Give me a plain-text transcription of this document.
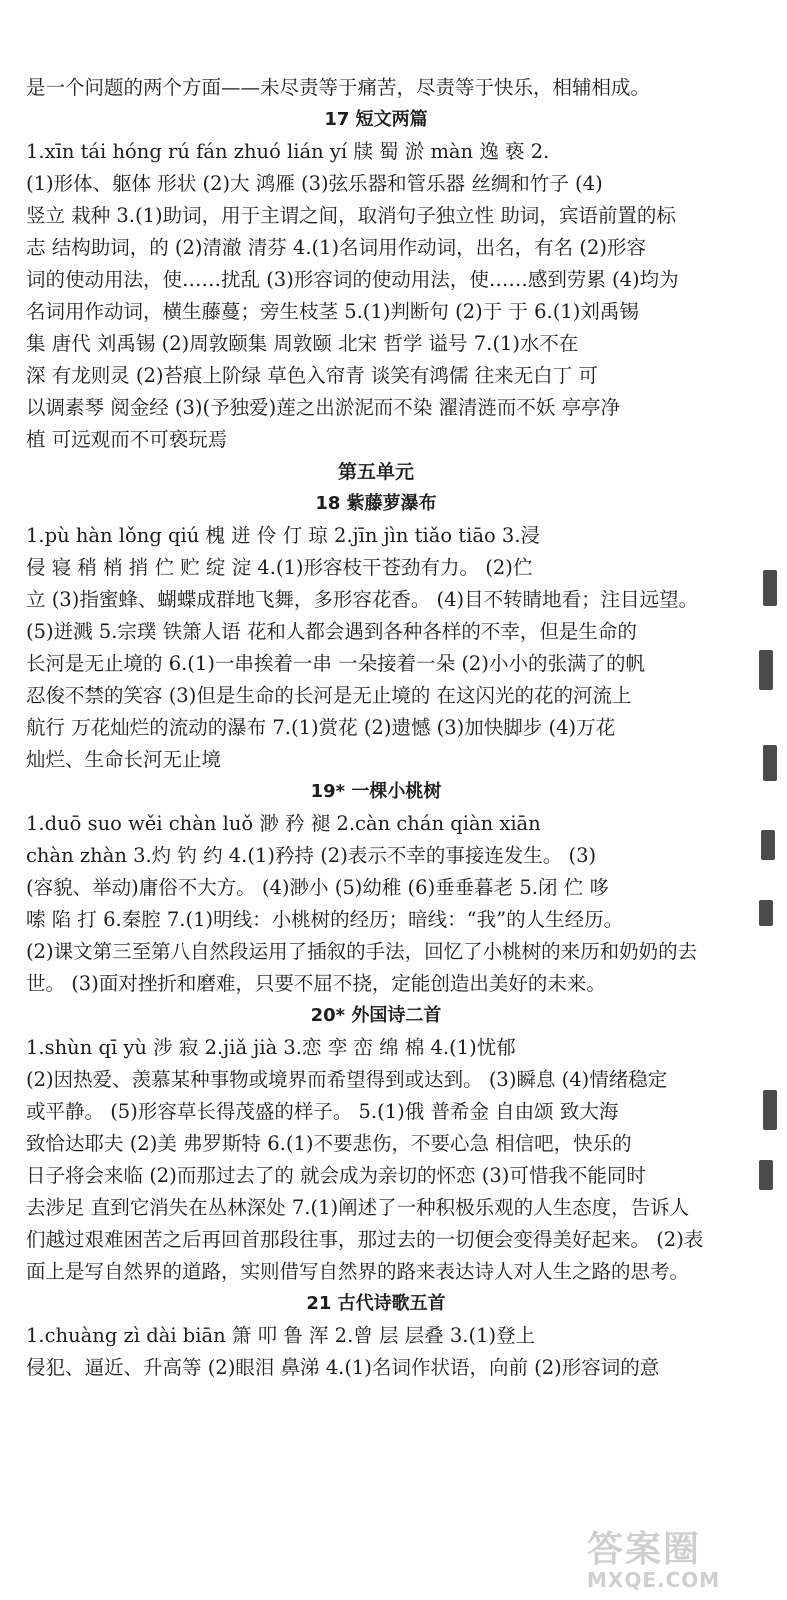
是一个问题的两个方面——未尽责等于痛苦，尽责等于快乐，相辅相成。
17 短文两篇
1.xīn tái hóng rú fán zhuó lián yí 牍 蜀 淤 màn 逸 亵 2.
(1)形体、躯体 形状 (2)大 鸿雁 (3)弦乐器和管乐器 丝绸和竹子 (4)
竖立 栽种 3.(1)助词，用于主谓之间，取消句子独立性 助词，宾语前置的标
志 结构助词，的 (2)清澈 清芬 4.(1)名词用作动词，出名，有名 (2)形容
词的使动用法，使……扰乱 (3)形容词的使动用法，使……感到劳累 (4)均为
名词用作动词，横生藤蔓；旁生枝茎 5.(1)判断句 (2)于 于 6.(1)刘禹锡
集 唐代 刘禹锡 (2)周敦颐集 周敦颐 北宋 哲学 谥号 7.(1)水不在
深 有龙则灵 (2)苔痕上阶绿 草色入帘青 谈笑有鸿儒 往来无白丁 可
以调素琴 阅金经 (3)(予独爱)莲之出淤泥而不染 濯清涟而不妖 亭亭净
植 可远观而不可亵玩焉
第五单元
18 紫藤萝瀑布
1.pù hàn lǒng qiú 槐 迸 伶 仃 琼 2.jīn jìn tiǎo tiāo 3.浸
侵 寝 稍 梢 捎 伫 贮 绽 淀 4.(1)形容枝干苍劲有力。 (2)伫
立 (3)指蜜蜂、蝴蝶成群地飞舞，多形容花香。 (4)目不转睛地看；注目远望。
(5)迸溅 5.宗璞 铁箫人语 花和人都会遇到各种各样的不幸，但是生命的
长河是无止境的 6.(1)一串挨着一串 一朵接着一朵 (2)小小的张满了的帆
忍俊不禁的笑容 (3)但是生命的长河是无止境的 在这闪光的花的河流上
航行 万花灿烂的流动的瀑布 7.(1)赏花 (2)遗憾 (3)加快脚步 (4)万花
灿烂、生命长河无止境
19* 一棵小桃树
1.duō suo wěi chàn luǒ 渺 矜 褪 2.càn chán qiàn xiān
chàn zhàn 3.灼 钓 约 4.(1)矜持 (2)表示不幸的事接连发生。 (3)
(容貌、举动)庸俗不大方。 (4)渺小 (5)幼稚 (6)垂垂暮老 5.闭 伫 哆
嗦 陷 打 6.秦腔 7.(1)明线：小桃树的经历；暗线：“我”的人生经历。
(2)课文第三至第八自然段运用了插叙的手法，回忆了小桃树的来历和奶奶的去
世。 (3)面对挫折和磨难，只要不屈不挠，定能创造出美好的未来。
20* 外国诗二首
1.shùn qī yù 涉 寂 2.jiǎ jià 3.恋 孪 峦 绵 棉 4.(1)忧郁
(2)因热爱、羡慕某种事物或境界而希望得到或达到。 (3)瞬息 (4)情绪稳定
或平静。 (5)形容草长得茂盛的样子。 5.(1)俄 普希金 自由颂 致大海
致恰达耶夫 (2)美 弗罗斯特 6.(1)不要悲伤，不要心急 相信吧，快乐的
日子将会来临 (2)而那过去了的 就会成为亲切的怀恋 (3)可惜我不能同时
去涉足 直到它消失在丛林深处 7.(1)阐述了一种积极乐观的人生态度，告诉人
们越过艰难困苦之后再回首那段往事，那过去的一切便会变得美好起来。 (2)表
面上是写自然界的道路，实则借写自然界的路来表达诗人对人生之路的思考。
21 古代诗歌五首
1.chuàng zì dài biān 箫 叩 鲁 浑 2.曾 层 层叠 3.(1)登上
侵犯、逼近、升高等 (2)眼泪 鼻涕 4.(1)名词作状语，向前 (2)形容词的意
答案圈
MXQE.COM
